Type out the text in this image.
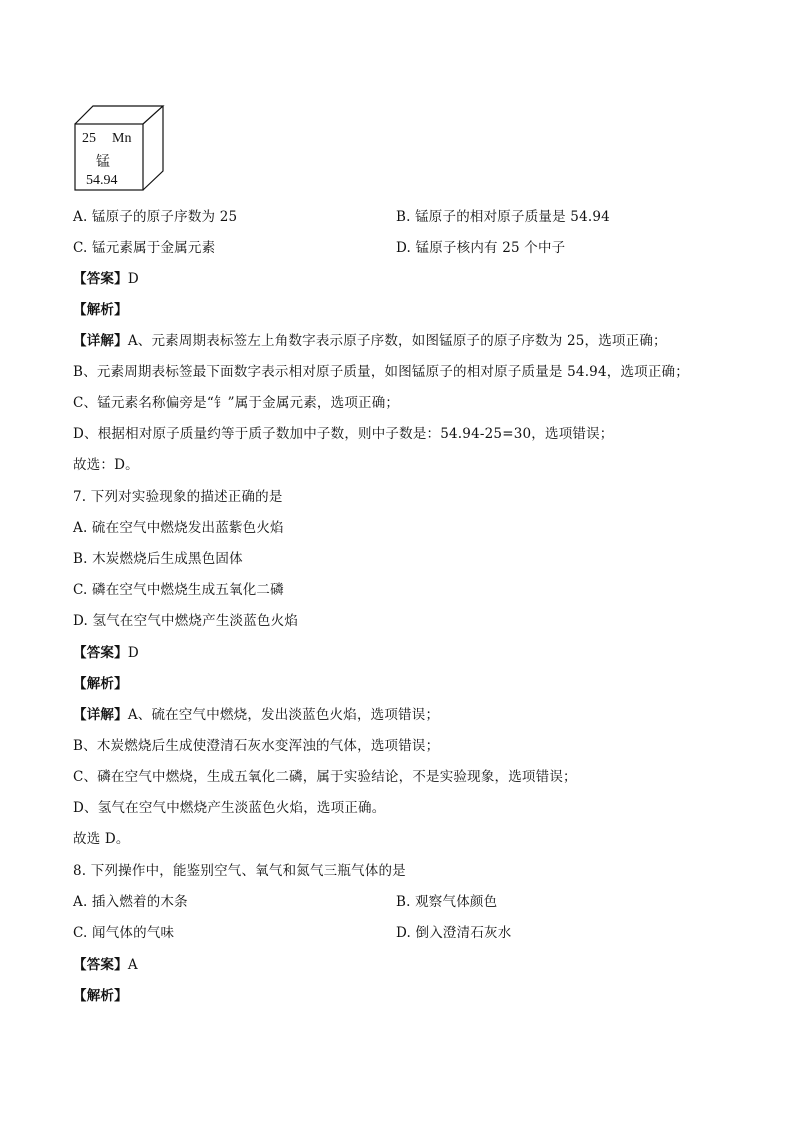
25 Mn
锰
54.94
A. 锰原子的原子序数为 25	B. 锰原子的相对原子质量是 54.94
C. 锰元素属于金属元素	D. 锰原子核内有 25 个中子
【答案】D
【解析】
【详解】A、元素周期表标签左上角数字表示原子序数，如图锰原子的原子序数为 25，选项正确；
B、元素周期表标签最下面数字表示相对原子质量，如图锰原子的相对原子质量是 54.94，选项正确；
C、锰元素名称偏旁是“钅”属于金属元素，选项正确；
D、根据相对原子质量约等于质子数加中子数，则中子数是：54.94-25=30，选项错误；
故选：D。
7. 下列对实验现象的描述正确的是
A. 硫在空气中燃烧发出蓝紫色火焰
B. 木炭燃烧后生成黑色固体
C. 磷在空气中燃烧生成五氧化二磷
D. 氢气在空气中燃烧产生淡蓝色火焰
【答案】D
【解析】
【详解】A、硫在空气中燃烧，发出淡蓝色火焰，选项错误；
B、木炭燃烧后生成使澄清石灰水变浑浊的气体，选项错误；
C、磷在空气中燃烧，生成五氧化二磷，属于实验结论，不是实验现象，选项错误；
D、氢气在空气中燃烧产生淡蓝色火焰，选项正确。
故选 D。
8. 下列操作中，能鉴别空气、氧气和氮气三瓶气体的是
A. 插入燃着的木条	B. 观察气体颜色
C. 闻气体的气味	D. 倒入澄清石灰水
【答案】A
【解析】
